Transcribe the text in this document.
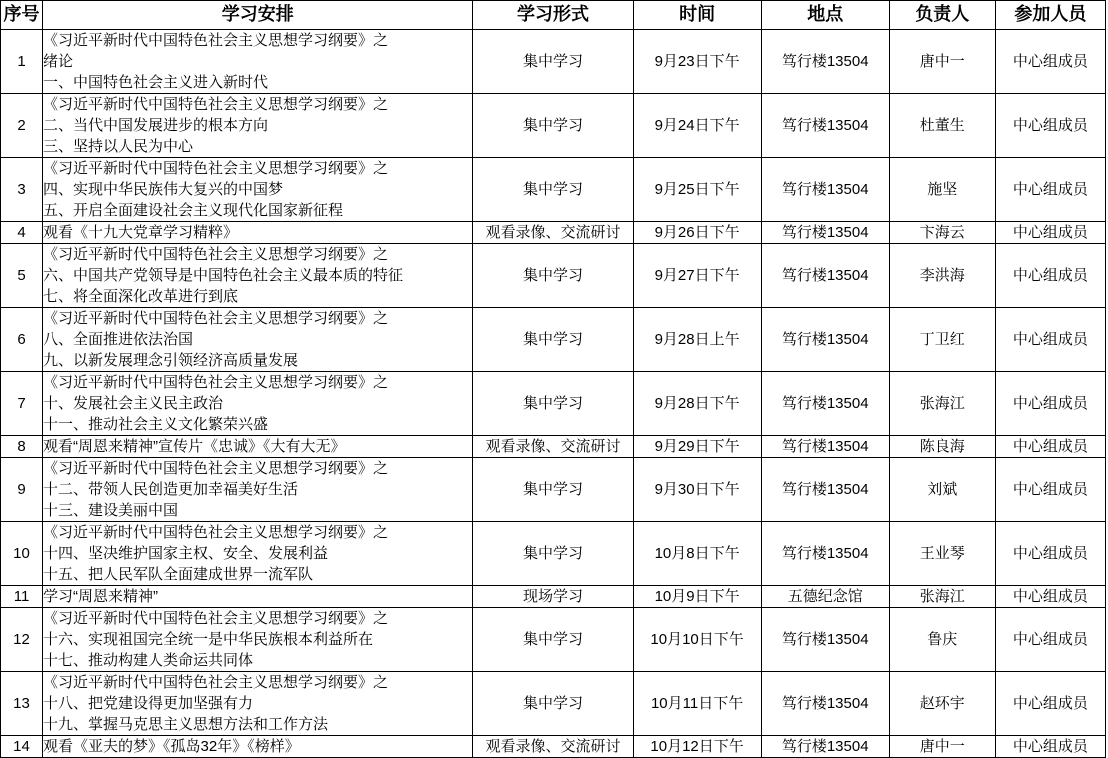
序号	学习安排	学习形式	时间	地点	负责人	参加人员
1	《习近平新时代中国特色社会主义思想学习纲要》之
绪论
一、中国特色社会主义进入新时代	集中学习	9月23日下午	笃行楼13504	唐中一	中心组成员
2	《习近平新时代中国特色社会主义思想学习纲要》之
二、当代中国发展进步的根本方向
三、坚持以人民为中心	集中学习	9月24日下午	笃行楼13504	杜董生	中心组成员
3	《习近平新时代中国特色社会主义思想学习纲要》之
四、实现中华民族伟大复兴的中国梦
五、开启全面建设社会主义现代化国家新征程	集中学习	9月25日下午	笃行楼13504	施坚	中心组成员
4	观看《十九大党章学习精粹》	观看录像、交流研讨	9月26日下午	笃行楼13504	卞海云	中心组成员
5	《习近平新时代中国特色社会主义思想学习纲要》之
六、中国共产党领导是中国特色社会主义最本质的特征
七、将全面深化改革进行到底	集中学习	9月27日下午	笃行楼13504	李洪海	中心组成员
6	《习近平新时代中国特色社会主义思想学习纲要》之
八、全面推进依法治国
九、以新发展理念引领经济高质量发展	集中学习	9月28日上午	笃行楼13504	丁卫红	中心组成员
7	《习近平新时代中国特色社会主义思想学习纲要》之
十、发展社会主义民主政治
十一、推动社会主义文化繁荣兴盛	集中学习	9月28日下午	笃行楼13504	张海江	中心组成员
8	观看“周恩来精神”宣传片《忠诚》《大有大无》	观看录像、交流研讨	9月29日下午	笃行楼13504	陈良海	中心组成员
9	《习近平新时代中国特色社会主义思想学习纲要》之
十二、带领人民创造更加幸福美好生活
十三、建设美丽中国	集中学习	9月30日下午	笃行楼13504	刘斌	中心组成员
10	《习近平新时代中国特色社会主义思想学习纲要》之
十四、坚决维护国家主权、安全、发展利益
十五、把人民军队全面建成世界一流军队	集中学习	10月8日下午	笃行楼13504	王业琴	中心组成员
11	学习“周恩来精神”	现场学习	10月9日下午	五德纪念馆	张海江	中心组成员
12	《习近平新时代中国特色社会主义思想学习纲要》之
十六、实现祖国完全统一是中华民族根本利益所在
十七、推动构建人类命运共同体	集中学习	10月10日下午	笃行楼13504	鲁庆	中心组成员
13	《习近平新时代中国特色社会主义思想学习纲要》之
十八、把党建设得更加坚强有力
十九、掌握马克思主义思想方法和工作方法	集中学习	10月11日下午	笃行楼13504	赵环宇	中心组成员
14	观看《亚夫的梦》《孤岛32年》《榜样》	观看录像、交流研讨	10月12日下午	笃行楼13504	唐中一	中心组成员
